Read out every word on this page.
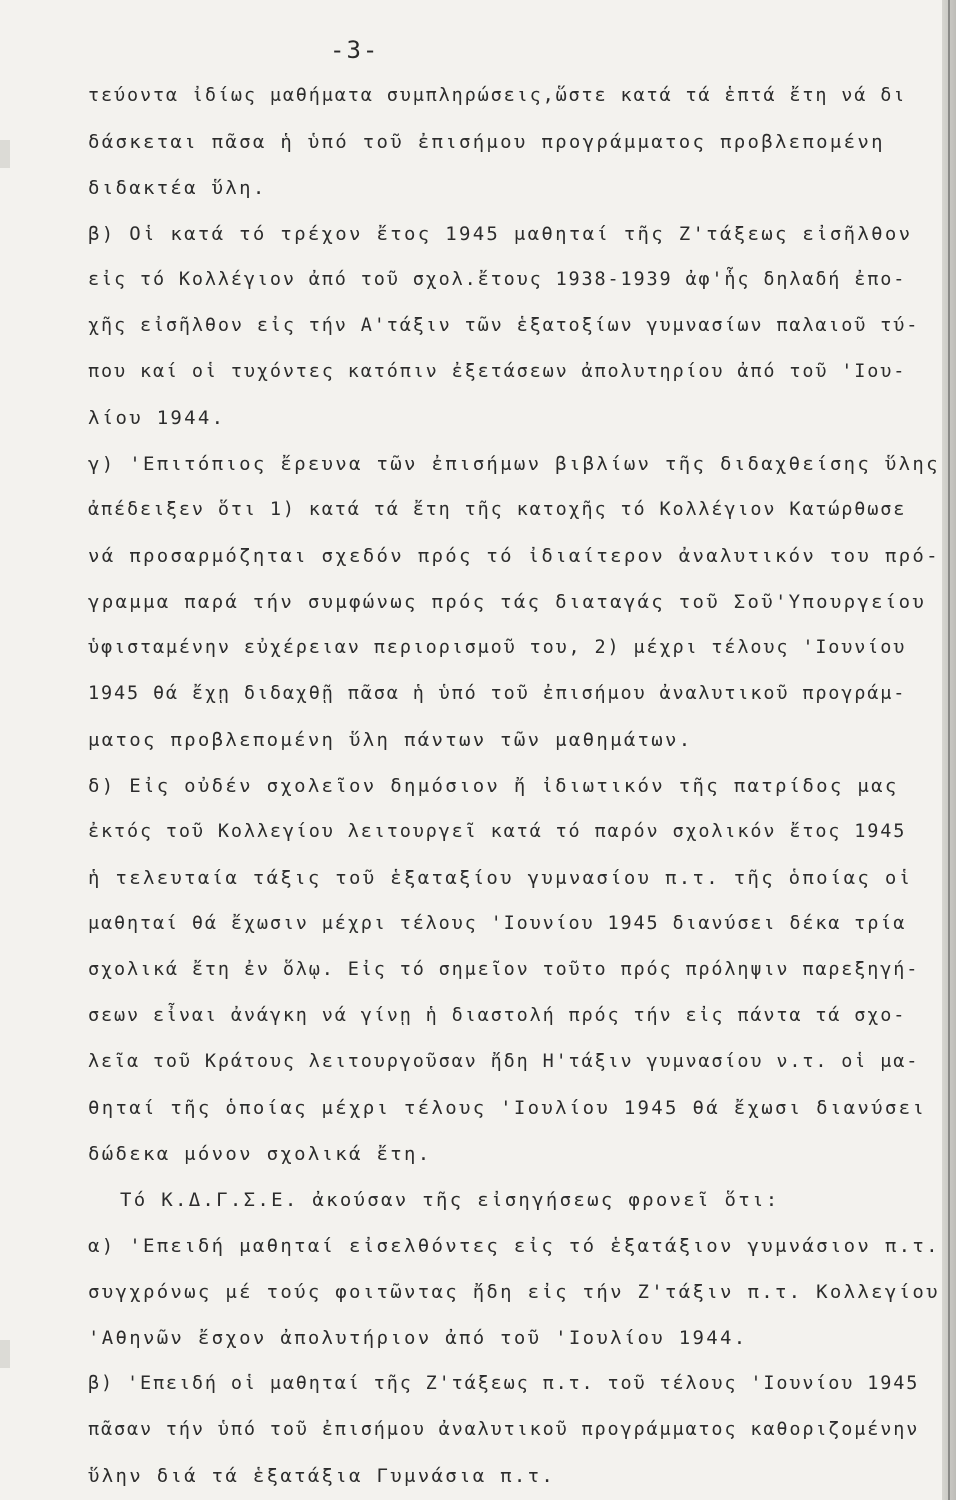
-3-
τεύοντα ἰδίως μαθήματα συμπληρώσεις,ὥστε κατά τά ἑπτά ἔτη νά δι
δάσκεται πᾶσα ἡ ὑπό τοῦ ἐπισήμου προγράμματος προβλεπομένη
διδακτέα ὕλη.
β) Οἱ κατά τό τρέχον ἔτος 1945 μαθηταί τῆς Ζ'τάξεως εἰσῆλθον
εἰς τό Κολλέγιον ἀπό τοῦ σχολ.ἔτους 1938-1939 ἀφ'ἧς δηλαδή ἐπο-
χῆς εἰσῆλθον εἰς τήν Α'τάξιν τῶν ἑξατοξίων γυμνασίων παλαιοῦ τύ-
που καί οἱ τυχόντες κατόπιν ἐξετάσεων ἀπολυτηρίου ἀπό τοῦ 'Ιου-
λίου 1944.
γ) 'Επιτόπιος ἔρευνα τῶν ἐπισήμων βιβλίων τῆς διδαχθείσης ὕλης
ἀπέδειξεν ὅτι 1) κατά τά ἔτη τῆς κατοχῆς τό Κολλέγιον Κατώρθωσε
νά προσαρμόζηται σχεδόν πρός τό ἰδιαίτερον ἀναλυτικόν του πρό-
γραμμα παρά τήν συμφώνως πρός τάς διαταγάς τοῦ Σοῦ'Υπουργείου
ὑφισταμένην εὐχέρειαν περιορισμοῦ του, 2) μέχρι τέλους 'Ιουνίου
1945 θά ἔχῃ διδαχθῇ πᾶσα ἡ ὑπό τοῦ ἐπισήμου ἀναλυτικοῦ προγράμ-
ματος προβλεπομένη ὕλη πάντων τῶν μαθημάτων.
δ) Εἰς οὐδέν σχολεῖον δημόσιον ἤ ἰδιωτικόν τῆς πατρίδος μας
ἐκτός τοῦ Κολλεγίου λειτουργεῖ κατά τό παρόν σχολικόν ἔτος 1945
ἡ τελευταία τάξις τοῦ ἑξαταξίου γυμνασίου π.τ. τῆς ὁποίας οἱ
μαθηταί θά ἔχωσιν μέχρι τέλους 'Ιουνίου 1945 διανύσει δέκα τρία
σχολικά ἔτη ἐν ὅλῳ. Εἰς τό σημεῖον τοῦτο πρός πρόληψιν παρεξηγή-
σεων εἶναι ἀνάγκη νά γίνῃ ἡ διαστολή πρός τήν εἰς πάντα τά σχο-
λεῖα τοῦ Κράτους λειτουργοῦσαν ἤδη Η'τάξιν γυμνασίου ν.τ. οἱ μα-
θηταί τῆς ὁποίας μέχρι τέλους 'Ιουλίου 1945 θά ἔχωσι διανύσει
δώδεκα μόνον σχολικά ἔτη.
Τό Κ.Δ.Γ.Σ.Ε. ἀκούσαν τῆς εἰσηγήσεως φρονεῖ ὅτι:
α) 'Επειδή μαθηταί εἰσελθόντες εἰς τό ἑξατάξιον γυμνάσιον π.τ.
συγχρόνως μέ τούς φοιτῶντας ἤδη εἰς τήν Ζ'τάξιν π.τ. Κολλεγίου
'Αθηνῶν ἔσχον ἀπολυτήριον ἀπό τοῦ 'Ιουλίου 1944.
β) 'Επειδή οἱ μαθηταί τῆς Ζ'τάξεως π.τ. τοῦ τέλους 'Ιουνίου 1945
πᾶσαν τήν ὑπό τοῦ ἐπισήμου ἀναλυτικοῦ προγράμματος καθοριζομένην
ὕλην διά τά ἑξατάξια Γυμνάσια π.τ.
